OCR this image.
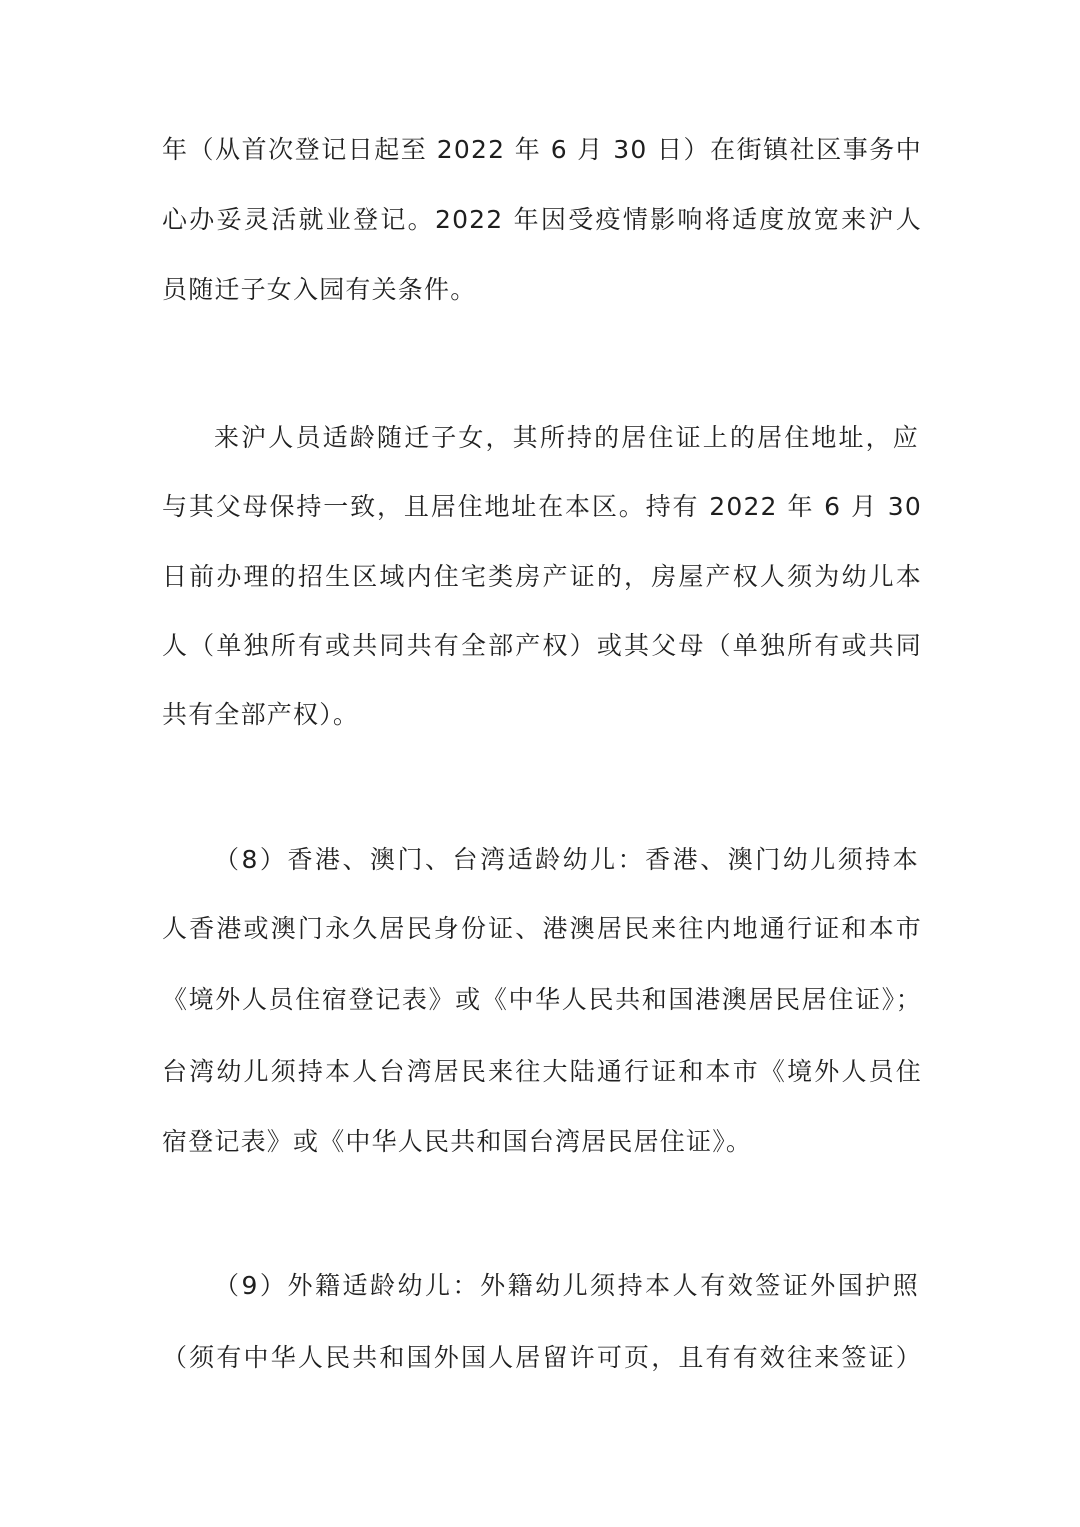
年（从首次登记日起至 2022 年 6 月 30 日）在街镇社区事务中
心办妥灵活就业登记。2022 年因受疫情影响将适度放宽来沪人
员随迁子女入园有关条件。
来沪人员适龄随迁子女，其所持的居住证上的居住地址，应
与其父母保持一致，且居住地址在本区。持有 2022 年 6 月 30
日前办理的招生区域内住宅类房产证的，房屋产权人须为幼儿本
人（单独所有或共同共有全部产权）或其父母（单独所有或共同
共有全部产权）。
（8）香港、澳门、台湾适龄幼儿：香港、澳门幼儿须持本
人香港或澳门永久居民身份证、港澳居民来往内地通行证和本市
《境外人员住宿登记表》或《中华人民共和国港澳居民居住证》；
台湾幼儿须持本人台湾居民来往大陆通行证和本市《境外人员住
宿登记表》或《中华人民共和国台湾居民居住证》。
（9）外籍适龄幼儿：外籍幼儿须持本人有效签证外国护照
（须有中华人民共和国外国人居留许可页，且有有效往来签证）
